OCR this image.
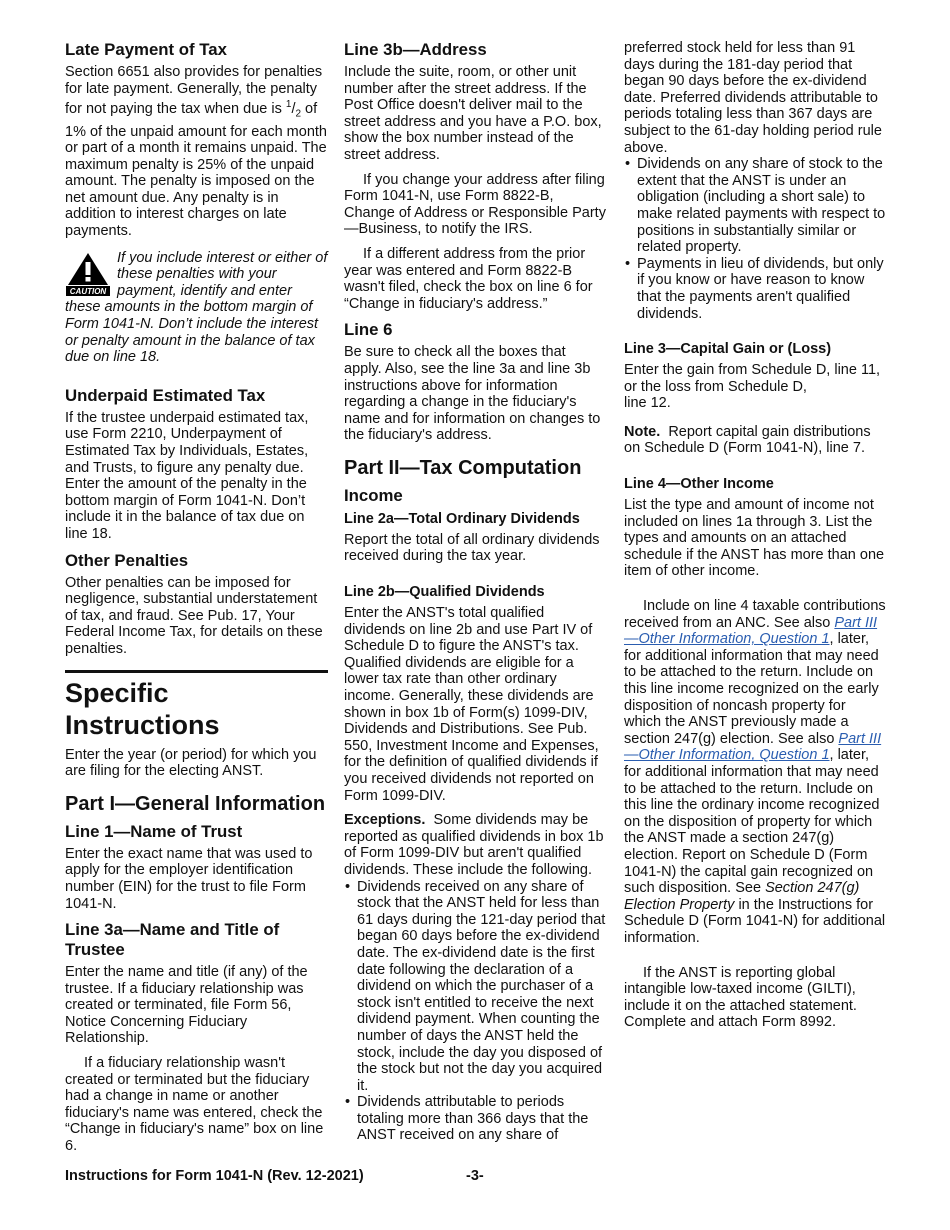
Late Payment of Tax

Section 6651 also provides for penalties for late payment. Generally, the penalty for not paying the tax when due is $^1/_2$ of 1% of the unpaid amount for each month or part of a month it remains unpaid. The maximum penalty is 25% of the unpaid amount. The penalty is imposed on the net amount due. Any penalty is in addition to interest charges on late payments.

CAUTION
If you include interest or either of these penalties with your payment, identify and enter these amounts in the bottom margin of Form 1041-N. Don’t include the interest or penalty amount in the balance of tax due on line 18.
Underpaid Estimated Tax

If the trustee underpaid estimated tax, use Form 2210, Underpayment of Estimated Tax by Individuals, Estates, and Trusts, to figure any penalty due. Enter the amount of the penalty in the bottom margin of Form 1041-N. Don’t include it in the balance of tax due on line 18.

Other Penalties

Other penalties can be imposed for negligence, substantial understatement of tax, and fraud. See Pub. 17, Your Federal Income Tax, for details on these penalties.

Specific Instructions

Enter the year (or period) for which you are filing for the electing ANST.

Part I—General Information
Line 1—Name of Trust

Enter the exact name that was used to apply for the employer identification number (EIN) for the trust to file Form 1041-N.

Line 3a—Name and Title of Trustee

Enter the name and title (if any) of the trustee. If a fiduciary relationship was created or terminated, file Form 56, Notice Concerning Fiduciary Relationship.

If a fiduciary relationship wasn't created or terminated but the fiduciary had a change in name or another fiduciary's name was entered, check the “Change in fiduciary's name” box on line 6.

Line 3b—Address

Include the suite, room, or other unit number after the street address. If the Post Office doesn't deliver mail to the street address and you have a P.O. box, show the box number instead of the street address.

If you change your address after filing Form 1041-N, use Form 8822-B, Change of Address or Responsible Party—Business, to notify the IRS.

If a different address from the prior year was entered and Form 8822-B wasn't filed, check the box on line 6 for “Change in fiduciary's address.”

Line 6

Be sure to check all the boxes that apply. Also, see the line 3a and line 3b instructions above for information regarding a change in the fiduciary's name and for information on changes to the fiduciary's address.

Part II—Tax Computation
Income
Line 2a—Total Ordinary Dividends

Report the total of all ordinary dividends received during the tax year.

Line 2b—Qualified Dividends

Enter the ANST's total qualified dividends on line 2b and use Part IV of Schedule D to figure the ANST's tax. Qualified dividends are eligible for a lower tax rate than other ordinary income. Generally, these dividends are shown in box 1b of Form(s) 1099-DIV, Dividends and Distributions. See Pub. 550, Investment Income and Expenses, for the definition of qualified dividends if you received dividends not reported on Form 1099-DIV.

Exceptions. Some dividends may be reported as qualified dividends in box 1b of Form 1099-DIV but aren't qualified dividends. These include the following.

• Dividends received on any share of stock that the ANST held for less than 61 days during the 121-day period that began 60 days before the ex-dividend date. The ex-dividend date is the first date following the declaration of a dividend on which the purchaser of a stock isn't entitled to receive the next dividend payment. When counting the number of days the ANST held the stock, include the day you disposed of the stock but not the day you acquired it.

• Dividends attributable to periods totaling more than 366 days that the ANST received on any share of

preferred stock held for less than 91 days during the 181-day period that began 90 days before the ex-dividend date. Preferred dividends attributable to periods totaling less than 367 days are subject to the 61-day holding period rule above.

• Dividends on any share of stock to the extent that the ANST is under an obligation (including a short sale) to make related payments with respect to positions in substantially similar or related property.

• Payments in lieu of dividends, but only if you know or have reason to know that the payments aren't qualified dividends.

Line 3—Capital Gain or (Loss)

Enter the gain from Schedule D, line 11, or the loss from Schedule D,
line 12.

Note. Report capital gain distributions on Schedule D (Form 1041-N), line 7.

Line 4—Other Income

List the type and amount of income not included on lines 1a through 3. List the types and amounts on an attached schedule if the ANST has more than one item of other income.

Include on line 4 taxable contributions received from an ANC. See also Part III—Other Information, Question 1, later, for additional information that may need to be attached to the return. Include on this line income recognized on the early disposition of noncash property for which the ANST previously made a section 247(g) election. See also Part III—Other Information, Question 1, later, for additional information that may need to be attached to the return. Include on this line the ordinary income recognized on the disposition of property for which the ANST made a section 247(g) election. Report on Schedule D (Form 1041-N) the capital gain recognized on such disposition. See Section 247(g) Election Property in the Instructions for Schedule D (Form 1041-N) for additional information.

If the ANST is reporting global intangible low-taxed income (GILTI), include it on the attached statement. Complete and attach Form 8992.

Instructions for Form 1041-N (Rev. 12-2021)	-3-
